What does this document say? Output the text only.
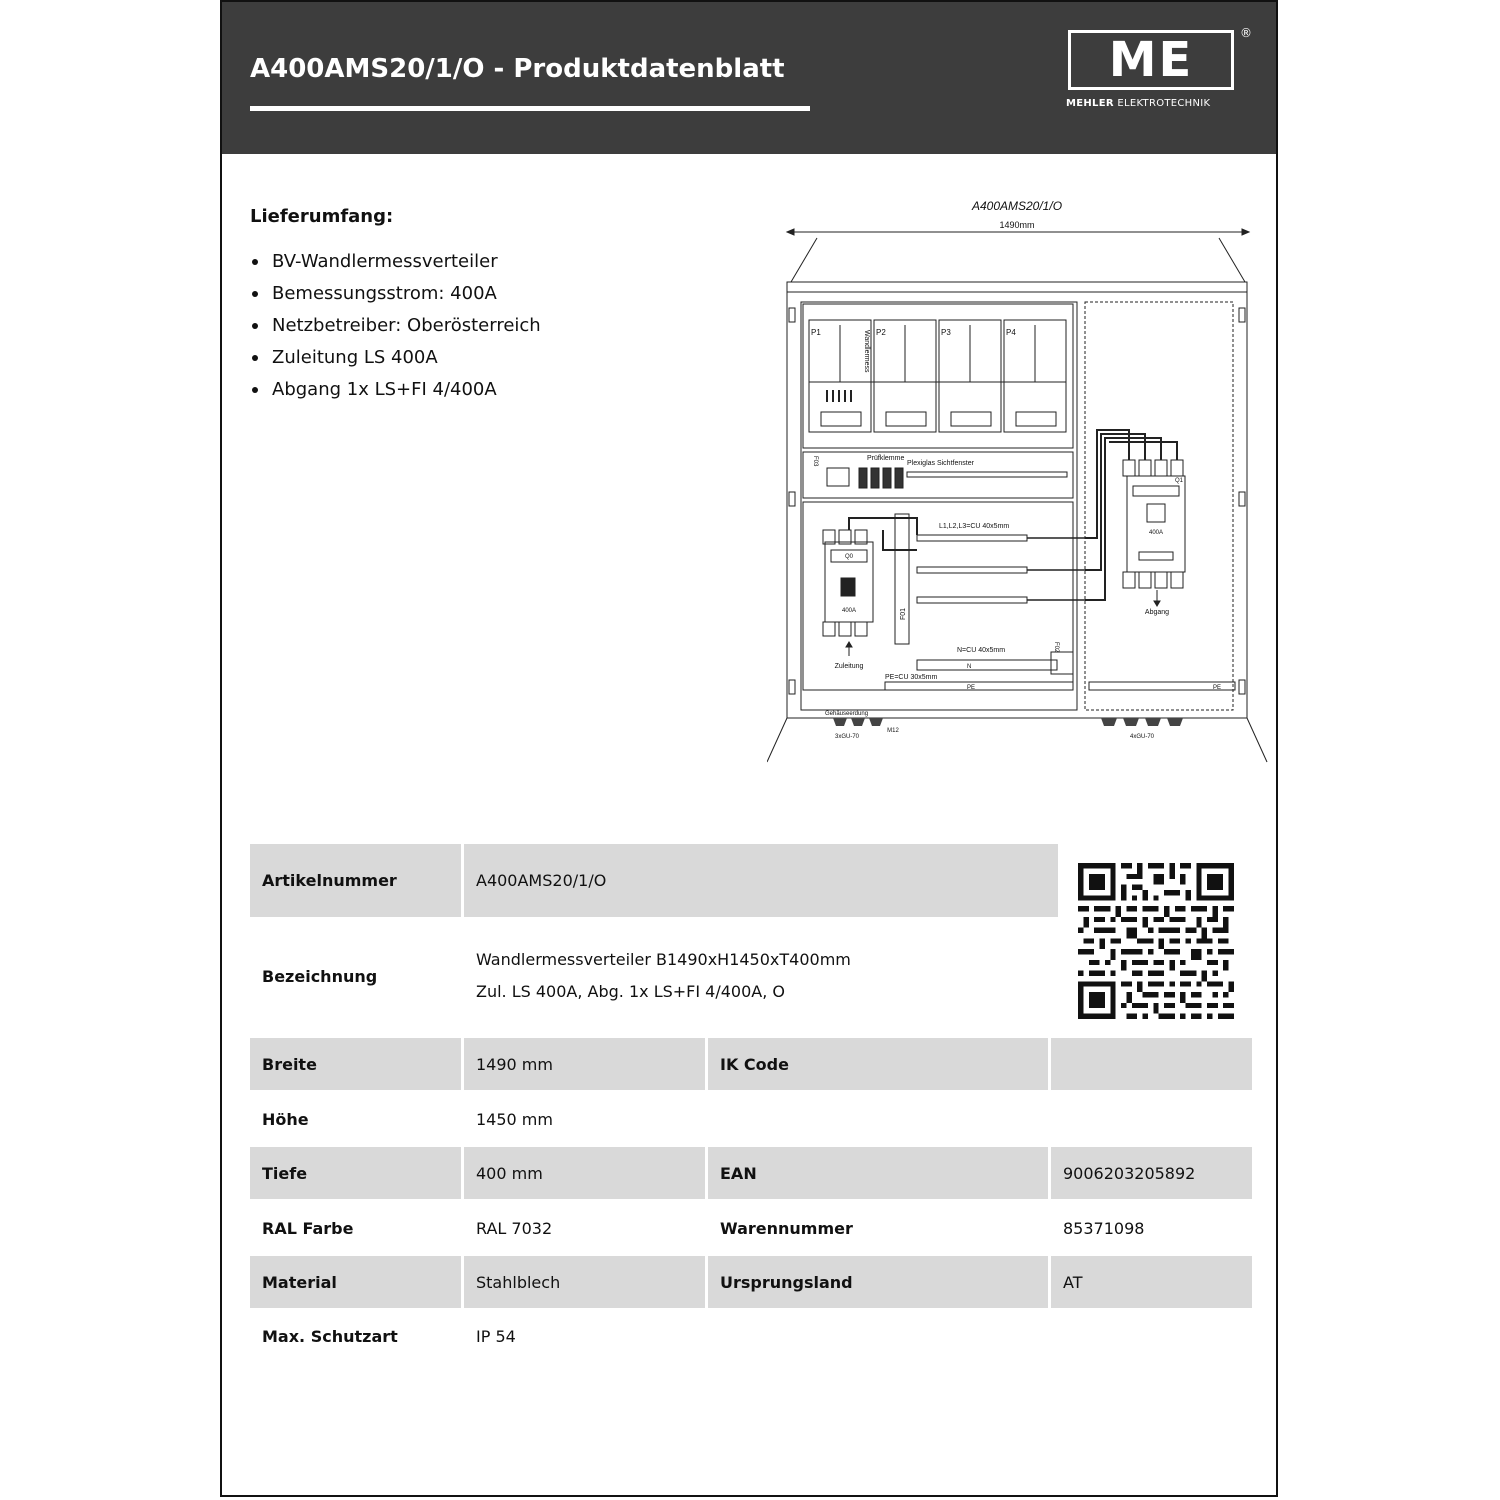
A400AMS20/1/O - Produktdatenblatt	ME	®
MEHLER ELEKTROTECHNIK
Lieferumfang:
BV-Wandlermessverteiler
Bemessungsstrom: 400A
Netzbetreiber: Oberösterreich
Zuleitung LS 400A
Abgang 1x LS+FI 4/400A
A400AMS20/1/O
1490mm
P1	P2	P3	P4
Wandlermess
Prüfklemme
Plexiglas Sichtfenster
F03
Q0
400A
Zuleitung
F01
L1,L2,L3=CU 40x5mm
N=CU 40x5mm
PE=CU 30x5mm
N
PE	PE
F02
Q1
400A
Abgang
Gehäuseerdung
3xGU-70	4xGU-70
M12
Artikelnummer	A400AMS20/1/O
Bezeichnung
Wandlermessverteiler B1490xH1450xT400mm
Zul. LS 400A, Abg. 1x LS+FI 4/400A, O
Breite	1490 mm	IK Code
Höhe	1450 mm
Tiefe	400 mm	EAN	9006203205892
RAL Farbe	RAL 7032	Warennummer	85371098
Material	Stahlblech	Ursprungsland	AT
Max. Schutzart	IP 54
